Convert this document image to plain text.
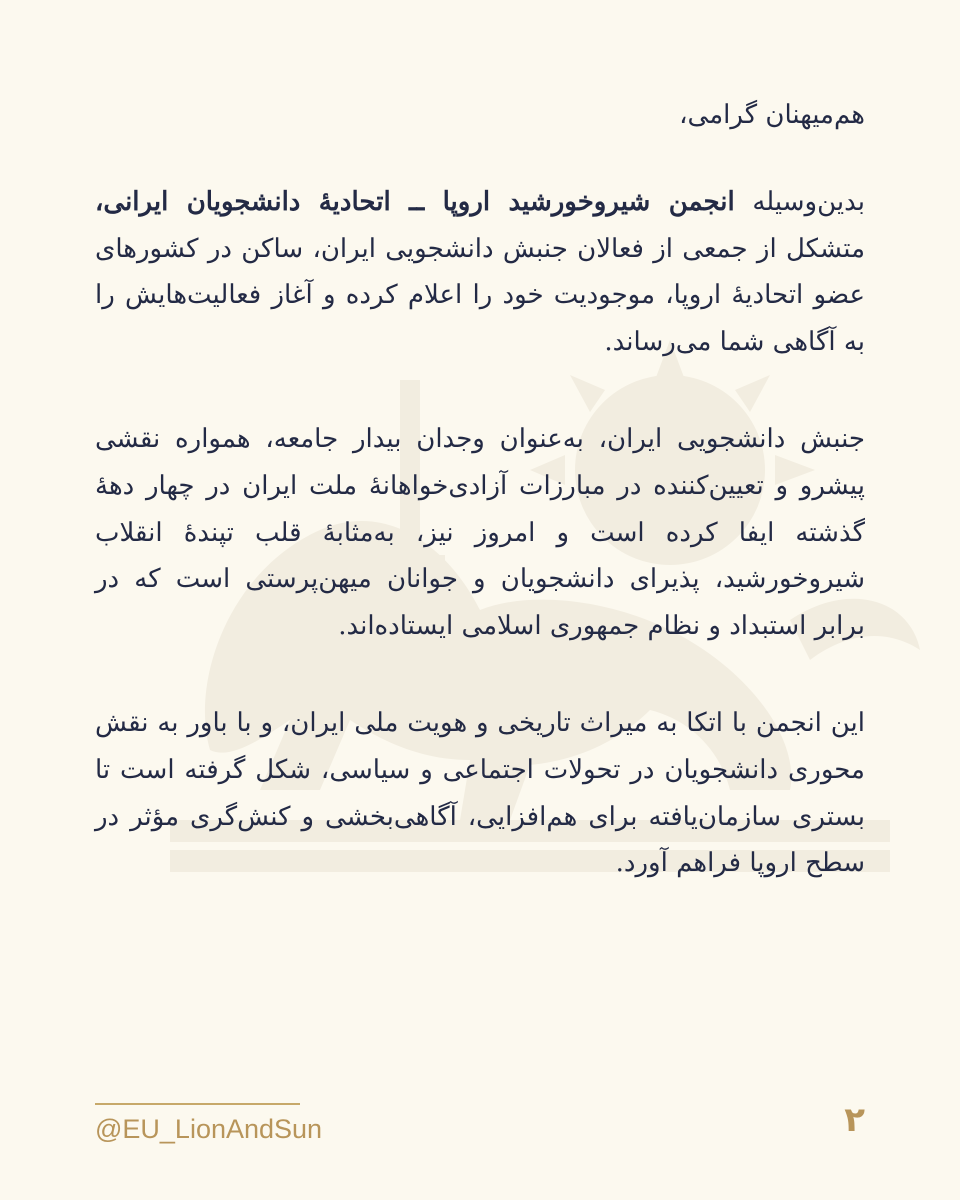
هم‌میهنان گرامی،

بدین‌وسیله انجمن شیروخورشید اروپا ــ اتحادیهٔ دانشجویان ایرانی، متشکل از جمعی از فعالان جنبش دانشجویی ایران، ساکن در کشورهای عضو اتحادیهٔ اروپا، موجودیت خود را اعلام کرده و آغاز فعالیت‌هایش را به آگاهی شما می‌رساند.

جنبش دانشجویی ایران، به‌عنوان وجدان بیدار جامعه، همواره نقشی پیشرو و تعیین‌کننده در مبارزات آزادی‌خواهانهٔ ملت ایران در چهار دههٔ گذشته ایفا کرده است و امروز نیز، به‌مثابهٔ قلب تپندهٔ انقلاب شیروخورشید، پذیرای دانشجویان و جوانان میهن‌پرستی است که در برابر استبداد و نظام جمهوری اسلامی ایستاده‌اند.

این انجمن با اتکا به میراث تاریخی و هویت ملی ایران، و با باور به نقش محوری دانشجویان در تحولات اجتماعی و سیاسی، شکل گرفته است تا بستری سازمان‌یافته برای هم‌افزایی، آگاهی‌بخشی و کنش‌گری مؤثر در سطح اروپا فراهم آورد.

@EU_LionAndSun	۲
